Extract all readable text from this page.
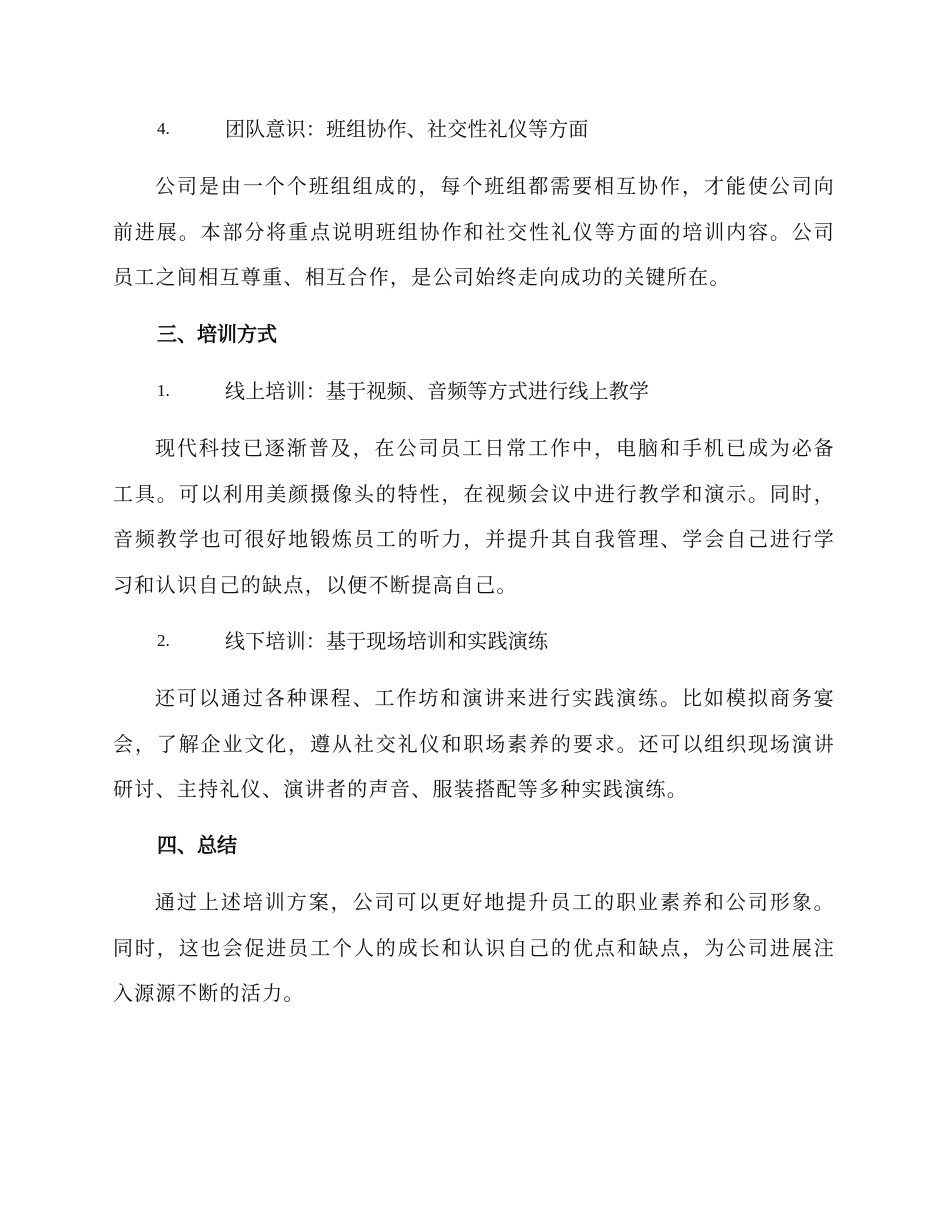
4.	团队意识：班组协作、社交性礼仪等方面

公司是由一个个班组组成的，每个班组都需要相互协作，才能使公司向前进展。本部分将重点说明班组协作和社交性礼仪等方面的培训内容。公司员工之间相互尊重、相互合作，是公司始终走向成功的关键所在。

三、培训方式
1.	线上培训：基于视频、音频等方式进行线上教学

现代科技已逐渐普及，在公司员工日常工作中，电脑和手机已成为必备工具。可以利用美颜摄像头的特性，在视频会议中进行教学和演示。同时，音频教学也可很好地锻炼员工的听力，并提升其自我管理、学会自己进行学习和认识自己的缺点，以便不断提高自己。

2.	线下培训：基于现场培训和实践演练

还可以通过各种课程、工作坊和演讲来进行实践演练。比如模拟商务宴会，了解企业文化，遵从社交礼仪和职场素养的要求。还可以组织现场演讲研讨、主持礼仪、演讲者的声音、服装搭配等多种实践演练。

四、总结

通过上述培训方案，公司可以更好地提升员工的职业素养和公司形象。同时，这也会促进员工个人的成长和认识自己的优点和缺点，为公司进展注入源源不断的活力。
